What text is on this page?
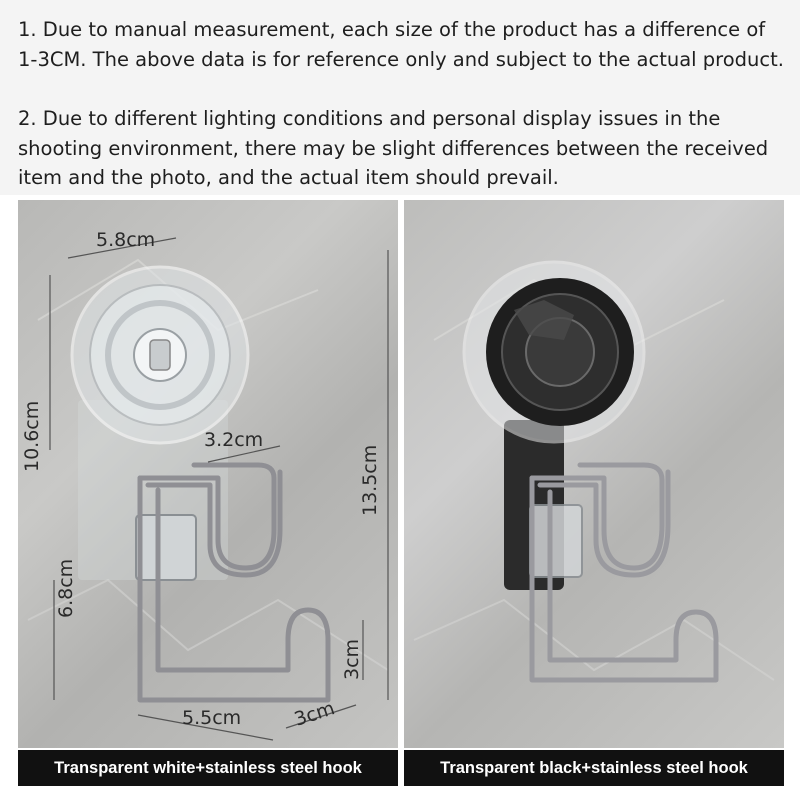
1. Due to manual measurement, each size of the product has a difference of 1-3CM. The above data is for reference only and subject to the actual product.

2. Due to different lighting conditions and personal display issues in the shooting environment, there may be slight differences between the received item and the photo, and the actual item should prevail.

5.8cm
10.6cm	3.2cm
13.5cm
6.8cm
3cm
5.5cm	3cm
Transparent white+stainless steel hook	Transparent black+stainless steel hook
